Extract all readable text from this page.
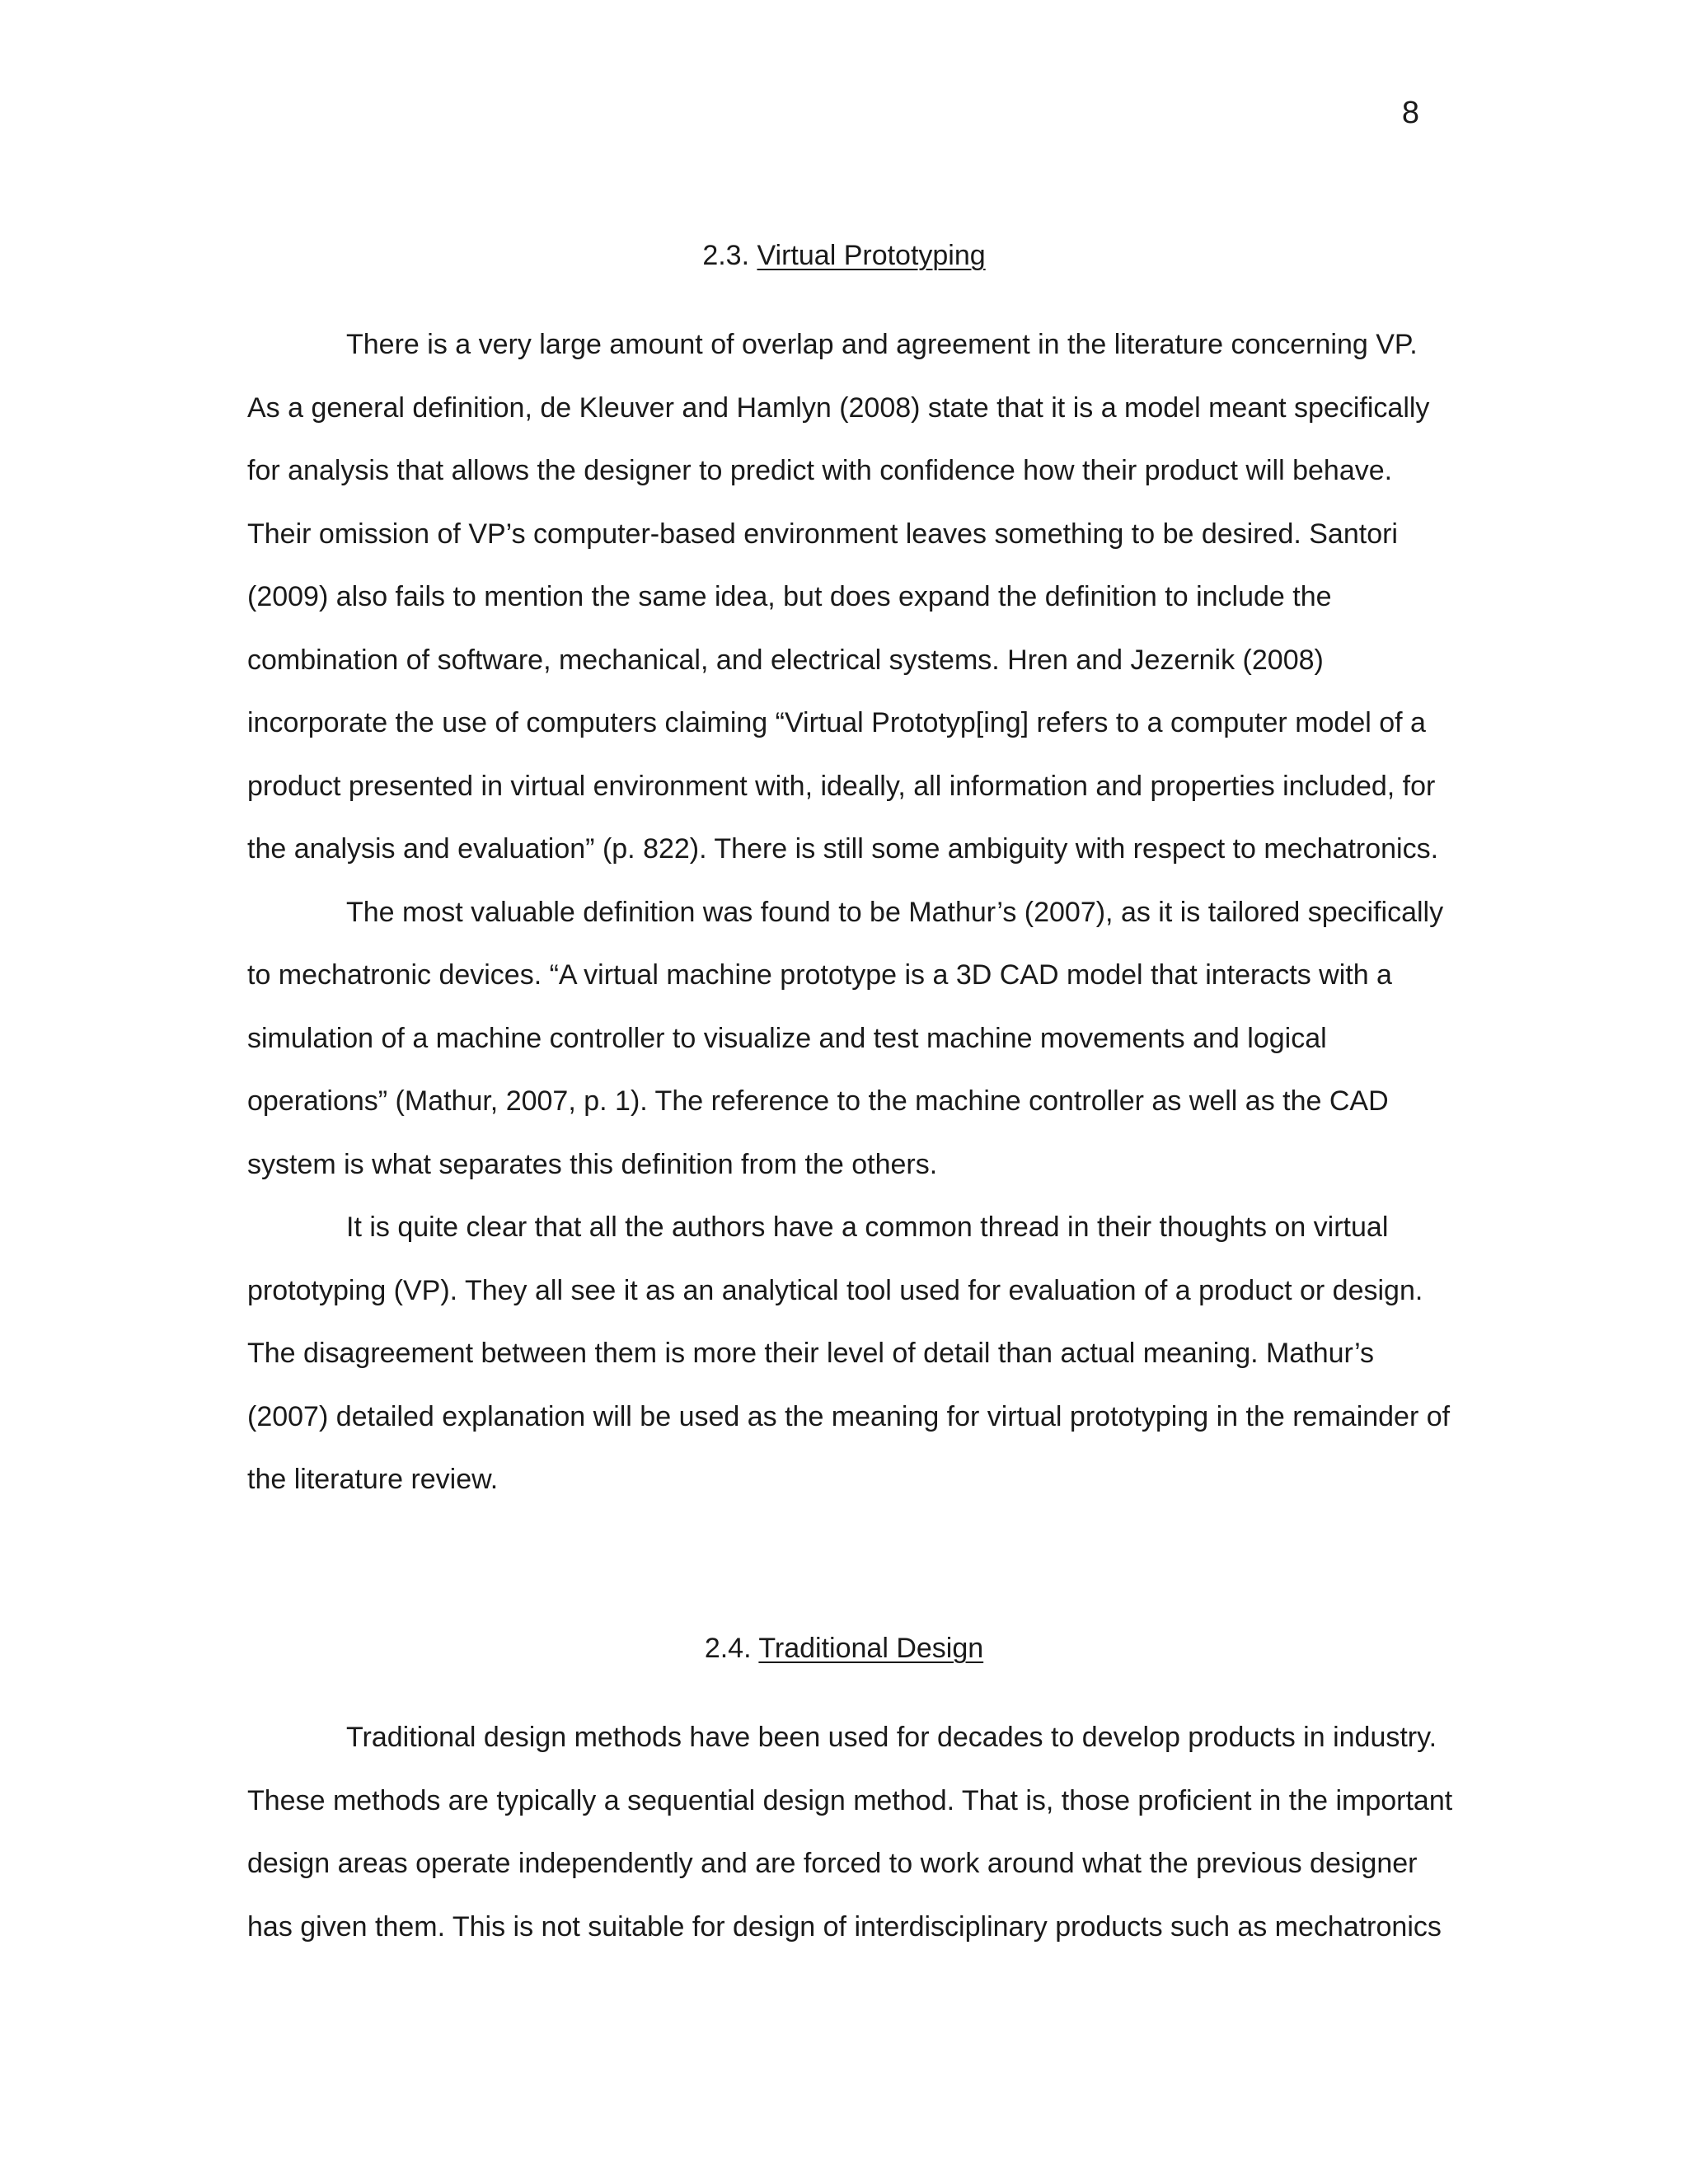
8
2.3. Virtual Prototyping
There is a very large amount of overlap and agreement in the literature concerning VP.
As a general definition, de Kleuver and Hamlyn (2008) state that it is a model meant specifically
for analysis that allows the designer to predict with confidence how their product will behave.
Their omission of VP’s computer-based environment leaves something to be desired. Santori
(2009) also fails to mention the same idea, but does expand the definition to include the
combination of software, mechanical, and electrical systems. Hren and Jezernik (2008)
incorporate the use of computers claiming “Virtual Prototyp[ing] refers to a computer model of a
product presented in virtual environment with, ideally, all information and properties included, for
the analysis and evaluation” (p. 822). There is still some ambiguity with respect to mechatronics.
The most valuable definition was found to be Mathur’s (2007), as it is tailored specifically
to mechatronic devices. “A virtual machine prototype is a 3D CAD model that interacts with a
simulation of a machine controller to visualize and test machine movements and logical
operations” (Mathur, 2007, p. 1). The reference to the machine controller as well as the CAD
system is what separates this definition from the others.
It is quite clear that all the authors have a common thread in their thoughts on virtual
prototyping (VP). They all see it as an analytical tool used for evaluation of a product or design.
The disagreement between them is more their level of detail than actual meaning. Mathur’s
(2007) detailed explanation will be used as the meaning for virtual prototyping in the remainder of
the literature review.
2.4. Traditional Design
Traditional design methods have been used for decades to develop products in industry.
These methods are typically a sequential design method. That is, those proficient in the important
design areas operate independently and are forced to work around what the previous designer
has given them. This is not suitable for design of interdisciplinary products such as mechatronics
